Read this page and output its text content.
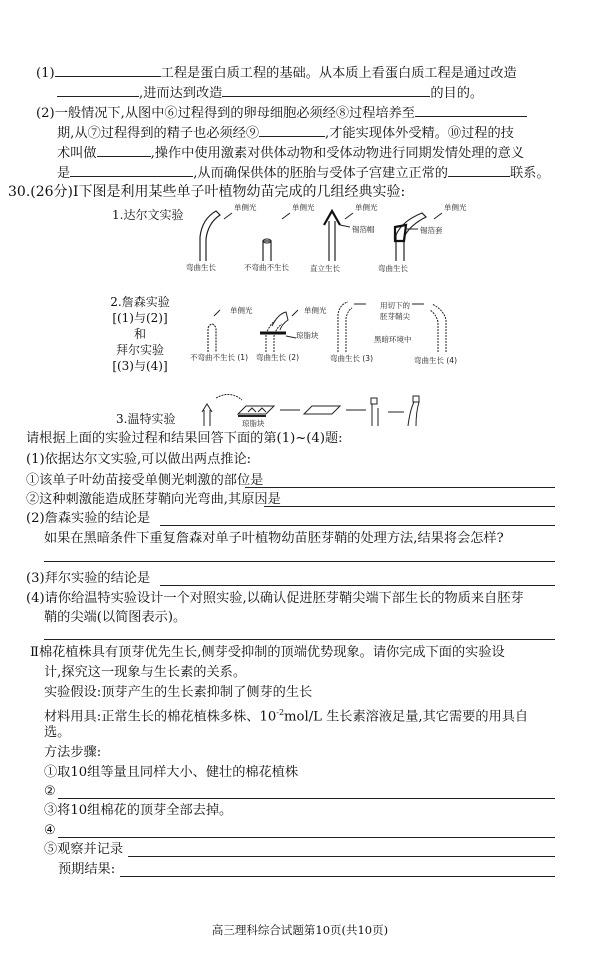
(1)	工程是蛋白质工程的基础。从本质上看蛋白质工程是通过改造
,进而达到改造	的目的。
(2)一般情况下,从图中⑥过程得到的卵母细胞必须经⑧过程培养至
期,从⑦过程得到的精子也必须经⑨	,才能实现体外受精。⑩过程的技
术叫做	,操作中使用激素对供体动物和受体动物进行同期发情处理的意义
是	,从而确保供体的胚胎与受体子宫建立正常的	联系。
30.(26分)Ⅰ下图是利用某些单子叶植物幼苗完成的几组经典实验:
1.达尔文实验
单侧光	单侧光	单侧光	单侧光
锡箔帽	锡箔套
弯曲生长	不弯曲不生长	直立生长	弯曲生长
2.詹森实验
[(1)与(2)]
和
拜尔实验
[(3)与(4)]
单侧光	单侧光
琼脂块
用切下的
胚芽鞘尖
黑暗环境中
不弯曲不生长 (1) 弯曲生长 (2)	弯曲生长 (3)	弯曲生长 (4)
3.温特实验	琼脂块
请根据上面的实验过程和结果回答下面的第(1)~(4)题:
(1)依据达尔文实验,可以做出两点推论:
①该单子叶幼苗接受单侧光刺激的部位是
②这种刺激能造成胚芽鞘向光弯曲,其原因是
(2)詹森实验的结论是
如果在黑暗条件下重复詹森对单子叶植物幼苗胚芽鞘的处理方法,结果将会怎样?
(3)拜尔实验的结论是
(4)请你给温特实验设计一个对照实验,以确认促进胚芽鞘尖端下部生长的物质来自胚芽
鞘的尖端(以简图表示)。
Ⅱ棉花植株具有顶芽优先生长,侧芽受抑制的顶端优势现象。请你完成下面的实验设
计,探究这一现象与生长素的关系。
实验假设:顶芽产生的生长素抑制了侧芽的生长
材料用具:正常生长的棉花植株多株、$10^{-2}mol/L$ 生长素溶液足量,其它需要的用具自
选。
方法步骤:
①取10组等量且同样大小、健壮的棉花植株
②
③将10组棉花的顶芽全部去掉。
④
⑤观察并记录
预期结果:
高三理科综合试题第10页(共10页)
